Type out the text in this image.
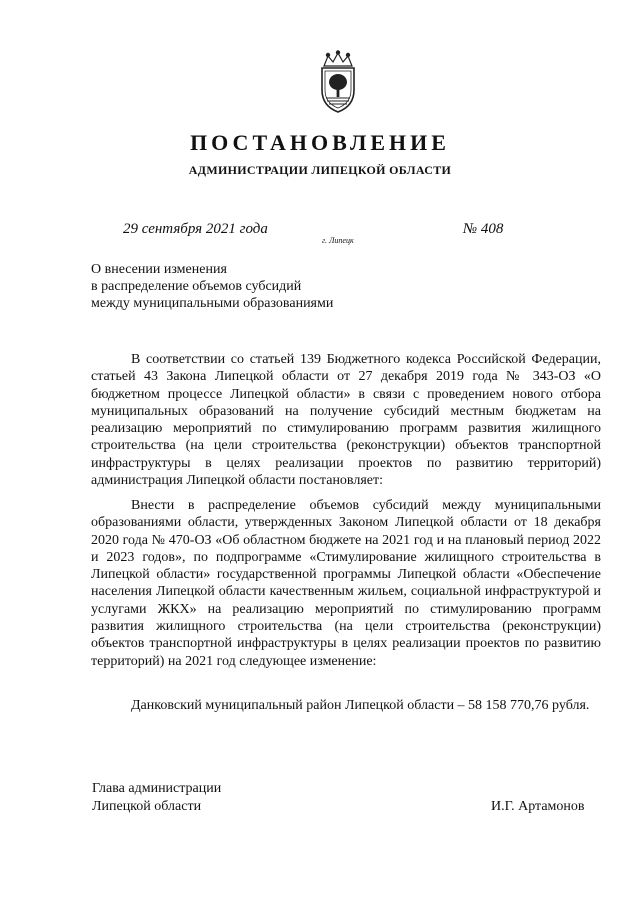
ПОСТАНОВЛЕНИЕ
АДМИНИСТРАЦИИ ЛИПЕЦКОЙ ОБЛАСТИ
29 сентября 2021 года
г. Липецк
№ 408
О внесении изменения
в распределение объемов субсидий
между муниципальными образованиями

В соответствии со статьей 139 Бюджетного кодекса Российской Федерации, статьей 43 Закона Липецкой области от 27 декабря 2019 года № 343-ОЗ «О бюджетном процессе Липецкой области» в связи с проведением нового отбора муниципальных образований на получение субсидий местным бюджетам на реализацию мероприятий по стимулированию программ развития жилищного строительства (на цели строительства (реконструкции) объектов транспортной инфраструктуры в целях реализации проектов по развитию территорий) администрация Липецкой области постановляет:

Внести в распределение объемов субсидий между муниципальными образованиями области, утвержденных Законом Липецкой области от 18 декабря 2020 года № 470-ОЗ «Об областном бюджете на 2021 год и на плановый период 2022 и 2023 годов», по подпрограмме «Стимулирование жилищного строительства в Липецкой области» государственной программы Липецкой области «Обеспечение населения Липецкой области качественным жильем, социальной инфраструктурой и услугами ЖКХ» на реализацию мероприятий по стимулированию программ развития жилищного строительства (на цели строительства (реконструкции) объектов транспортной инфраструктуры в целях реализации проектов по развитию территорий) на 2021 год следующее изменение:

Данковский муниципальный район Липецкой области – 58 158 770,76 рубля.

Глава администрации
Липецкой области	И.Г. Артамонов
